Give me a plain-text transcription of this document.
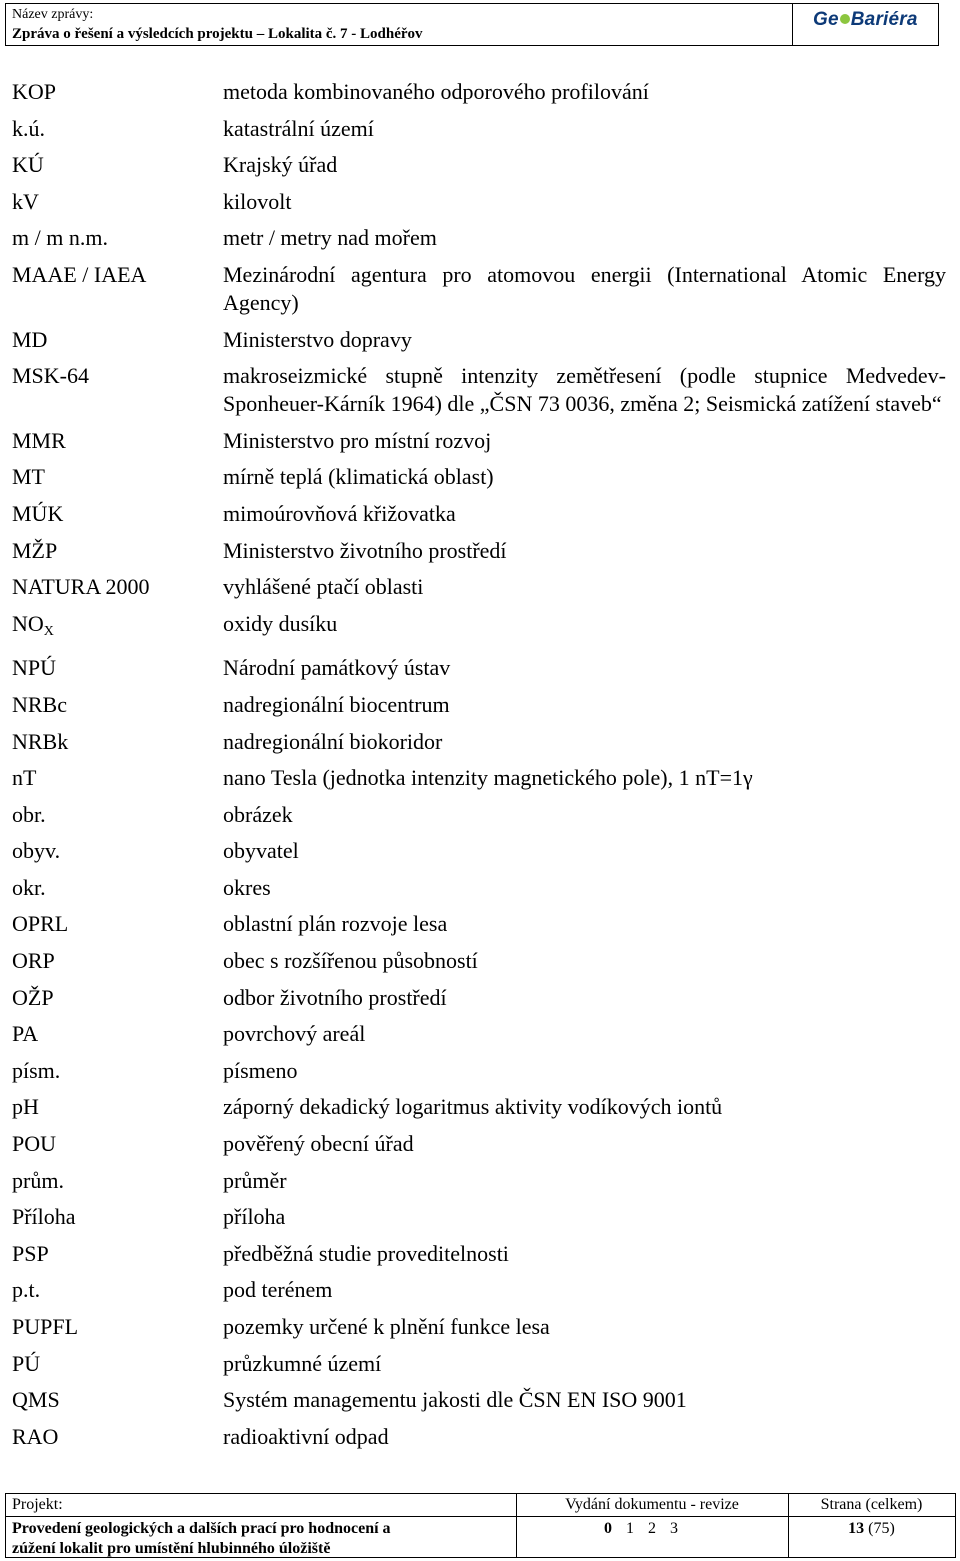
Název zprávy:
Zpráva o řešení a výsledcích projektu – Lokalita č. 7 - Lodhéřov
Ge Bariéra
KOP	metoda kombinovaného odporového profilování
k.ú.	katastrální území
KÚ	Krajský úřad
kV	kilovolt
m / m n.m.	metr / metry nad mořem
MAAE / IAEA	Mezinárodní agentura pro atomovou energii (International Atomic Energy Agency)
MD	Ministerstvo dopravy
MSK-64	makroseizmické stupně intenzity zemětřesení (podle stupnice Medvedev-Sponheuer-Kárník 1964) dle „ČSN 73 0036, změna 2; Seismická zatížení staveb“
MMR	Ministerstvo pro místní rozvoj
MT	mírně teplá (klimatická oblast)
MÚK	mimoúrovňová křižovatka
MŽP	Ministerstvo životního prostředí
NATURA 2000	vyhlášené ptačí oblasti
$NO_X$	oxidy dusíku
NPÚ	Národní památkový ústav
NRBc	nadregionální biocentrum
NRBk	nadregionální biokoridor
nT	nano Tesla (jednotka intenzity magnetického pole), 1 nT=1γ
obr.	obrázek
obyv.	obyvatel
okr.	okres
OPRL	oblastní plán rozvoje lesa
ORP	obec s rozšířenou působností
OŽP	odbor životního prostředí
PA	povrchový areál
písm.	písmeno
pH	záporný dekadický logaritmus aktivity vodíkových iontů
POU	pověřený obecní úřad
prům.	průměr
Příloha	příloha
PSP	předběžná studie proveditelnosti
p.t.	pod terénem
PUPFL	pozemky určené k plnění funkce lesa
PÚ	průzkumné území
QMS	Systém managementu jakosti dle ČSN EN ISO 9001
RAO	radioaktivní odpad
Projekt:
Provedení geologických a dalších prací pro hodnocení a
zúžení lokalit pro umístění hlubinného úložiště
Vydání dokumentu - revize
0 1 2 3
Strana (celkem)
13 (75)
